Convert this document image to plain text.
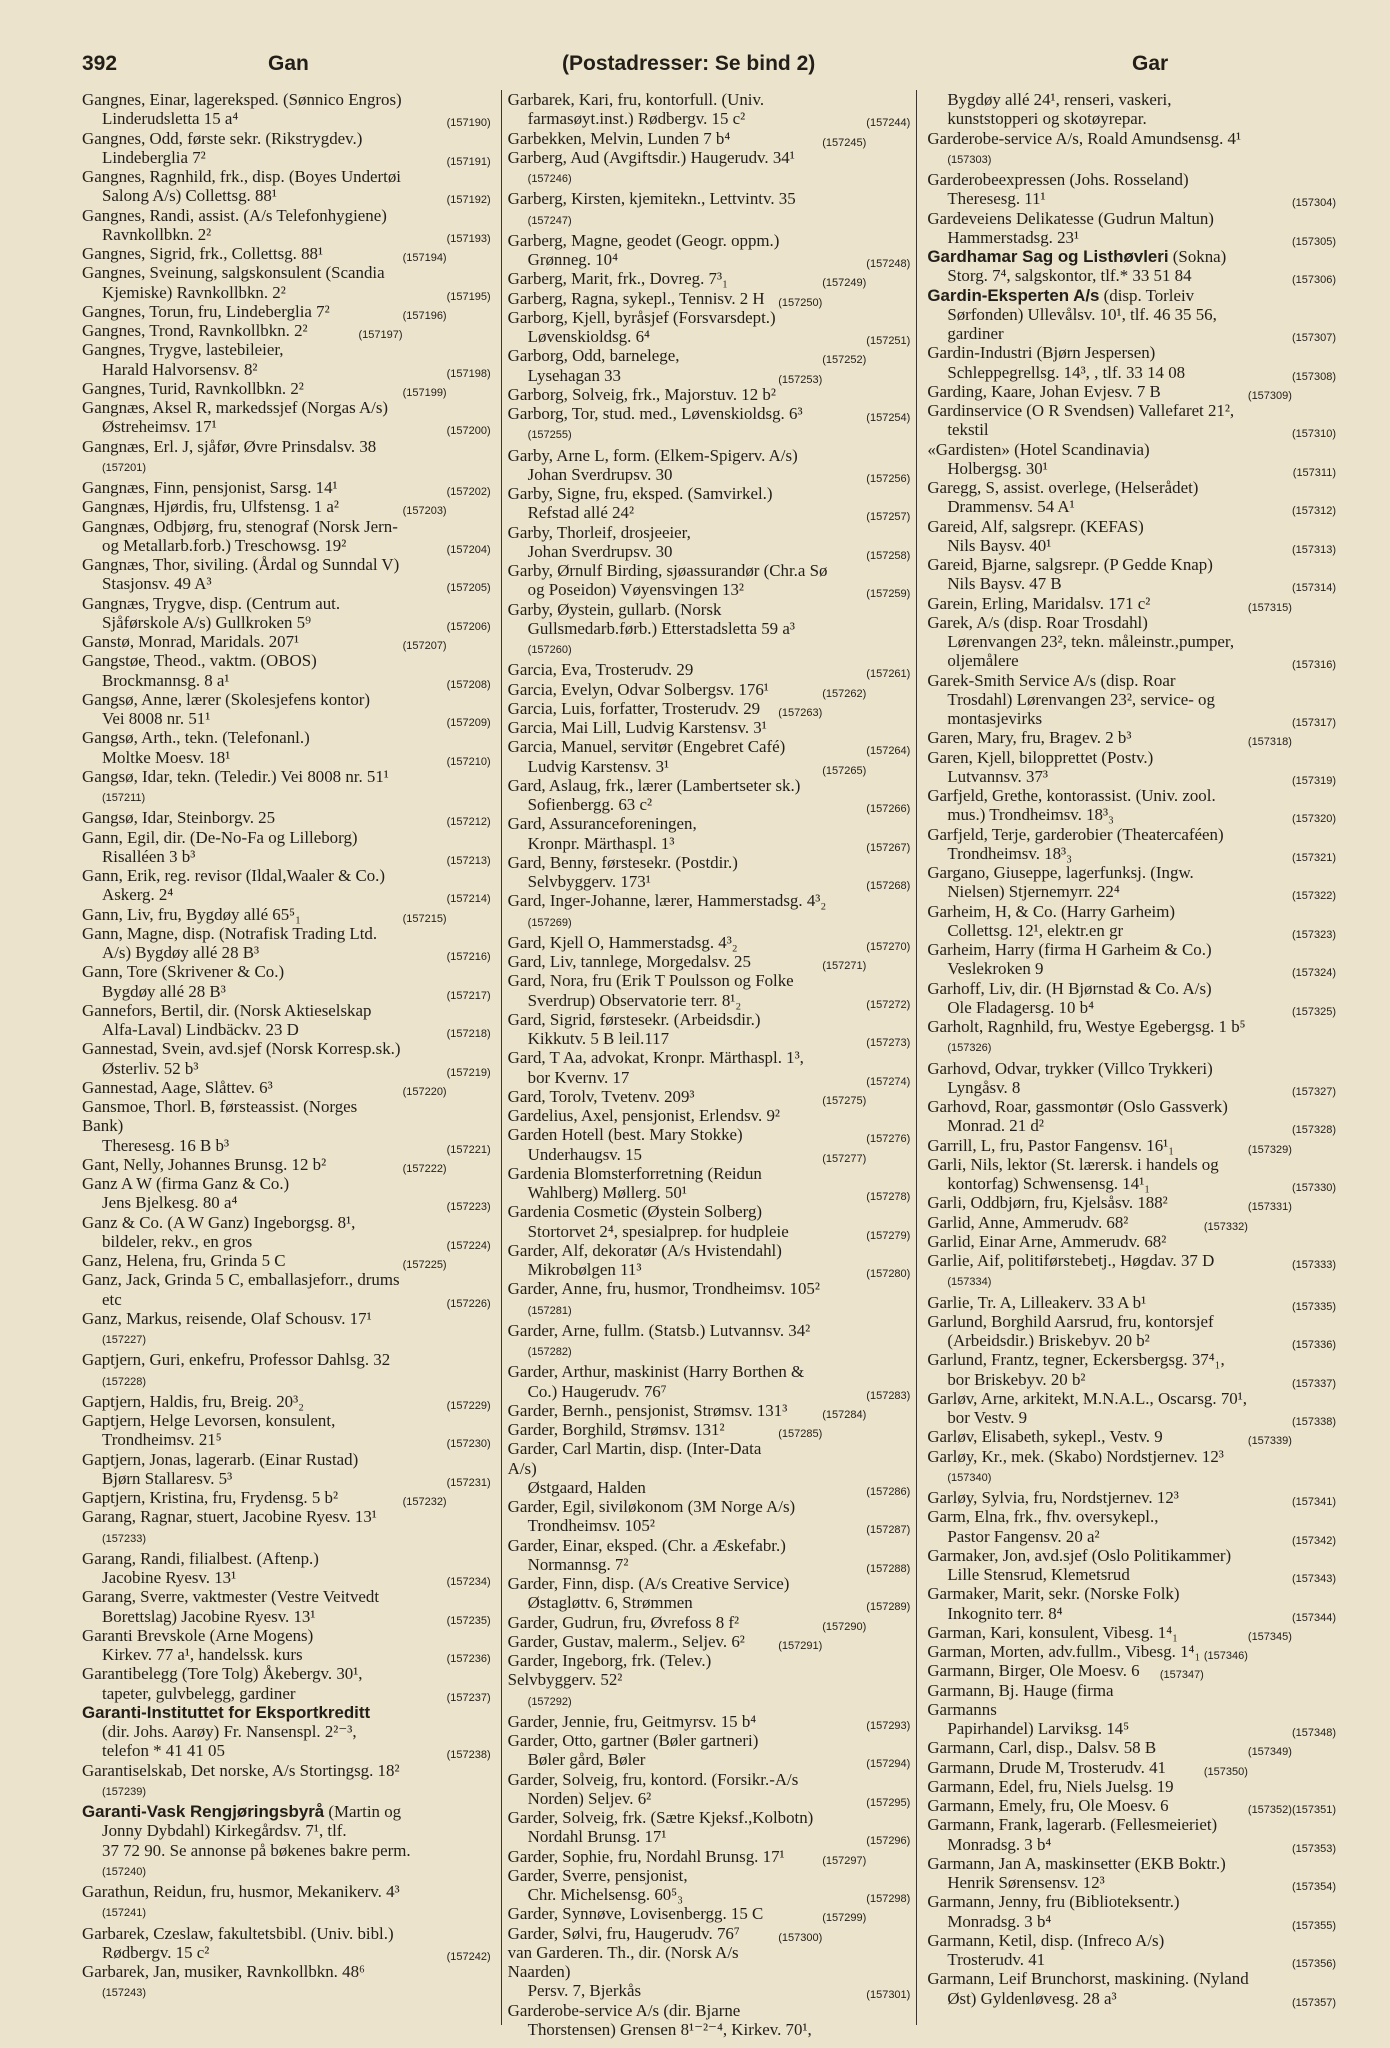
392	Gan	(Postadresser: Se bind 2)	Gar
Gangnes, Einar, lagereksped. (Sønnico Engros)
Linderudsletta 15 a⁴	(157190)
Gangnes, Odd, første sekr. (Rikstrygdev.)
Lindeberglia 7²	(157191)
Gangnes, Ragnhild, frk., disp. (Boyes Undertøi
Salong A/s) Collettsg. 88¹	(157192)
Gangnes, Randi, assist. (A/s Telefonhygiene)
Ravnkollbkn. 2²	(157193)
Gangnes, Sigrid, frk., Collettsg. 88¹	(157194)
Gangnes, Sveinung, salgskonsulent (Scandia
Kjemiske) Ravnkollbkn. 2²	(157195)
Gangnes, Torun, fru, Lindeberglia 7²	(157196)
Gangnes, Trond, Ravnkollbkn. 2²	(157197)
Gangnes, Trygve, lastebileier,
Harald Halvorsensv. 8²	(157198)
Gangnes, Turid, Ravnkollbkn. 2²	(157199)
Gangnæs, Aksel R, markedssjef (Norgas A/s)
Østreheimsv. 17¹	(157200)
Gangnæs, Erl. J, sjåfør, Øvre Prinsdalsv. 38
(157201)
Gangnæs, Finn, pensjonist, Sarsg. 14¹	(157202)
Gangnæs, Hjørdis, fru, Ulfstensg. 1 a²	(157203)
Gangnæs, Odbjørg, fru, stenograf (Norsk Jern-
og Metallarb.forb.) Treschowsg. 19²	(157204)
Gangnæs, Thor, siviling. (Årdal og Sunndal V)
Stasjonsv. 49 A³	(157205)
Gangnæs, Trygve, disp. (Centrum aut.
Sjåførskole A/s) Gullkroken 5⁹	(157206)
Ganstø, Monrad, Maridals. 207¹	(157207)
Gangstøe, Theod., vaktm. (OBOS)
Brockmannsg. 8 a¹	(157208)
Gangsø, Anne, lærer (Skolesjefens kontor)
Vei 8008 nr. 51¹	(157209)
Gangsø, Arth., tekn. (Telefonanl.)
Moltke Moesv. 18¹	(157210)
Gangsø, Idar, tekn. (Teledir.) Vei 8008 nr. 51¹
(157211)
Gangsø, Idar, Steinborgv. 25	(157212)
Gann, Egil, dir. (De-No-Fa og Lilleborg)
Risalléen 3 b³	(157213)
Gann, Erik, reg. revisor (Ildal,Waaler & Co.)
Askerg. 2⁴	(157214)
Gann, Liv, fru, Bygdøy allé 65⁵₁	(157215)
Gann, Magne, disp. (Notrafisk Trading Ltd.
A/s) Bygdøy allé 28 B³	(157216)
Gann, Tore (Skrivener & Co.)
Bygdøy allé 28 B³	(157217)
Gannefors, Bertil, dir. (Norsk Aktieselskap
Alfa-Laval) Lindbäckv. 23 D	(157218)
Gannestad, Svein, avd.sjef (Norsk Korresp.sk.)
Østerliv. 52 b³	(157219)
Gannestad, Aage, Slåttev. 6³	(157220)
Gansmoe, Thorl. B, førsteassist. (Norges Bank)
Theresesg. 16 B b³	(157221)
Gant, Nelly, Johannes Brunsg. 12 b²	(157222)
Ganz A W (firma Ganz & Co.)
Jens Bjelkesg. 80 a⁴	(157223)
Ganz & Co. (A W Ganz) Ingeborgsg. 8¹,
bildeler, rekv., en gros	(157224)
Ganz, Helena, fru, Grinda 5 C	(157225)
Ganz, Jack, Grinda 5 C, emballasjeforr., drums
etc	(157226)
Ganz, Markus, reisende, Olaf Schousv. 17¹
(157227)
Gaptjern, Guri, enkefru, Professor Dahlsg. 32
(157228)
Gaptjern, Haldis, fru, Breig. 20³₂	(157229)
Gaptjern, Helge Levorsen, konsulent,
Trondheimsv. 21⁵	(157230)
Gaptjern, Jonas, lagerarb. (Einar Rustad)
Bjørn Stallaresv. 5³	(157231)
Gaptjern, Kristina, fru, Frydensg. 5 b²	(157232)
Garang, Ragnar, stuert, Jacobine Ryesv. 13¹
(157233)
Garang, Randi, filialbest. (Aftenp.)
Jacobine Ryesv. 13¹	(157234)
Garang, Sverre, vaktmester (Vestre Veitvedt
Borettslag) Jacobine Ryesv. 13¹	(157235)
Garanti Brevskole (Arne Mogens)
Kirkev. 77 a¹, handelssk. kurs	(157236)
Garantibelegg (Tore Tolg) Åkebergv. 30¹,
tapeter, gulvbelegg, gardiner	(157237)
Garanti-Instituttet for Eksportkreditt
(dir. Johs. Aarøy) Fr. Nansenspl. 2²⁻³,
telefon * 41 41 05	(157238)
Garantiselskab, Det norske, A/s Stortingsg. 18²
(157239)
Garanti-Vask Rengjøringsbyrå (Martin og
Jonny Dybdahl) Kirkegårdsv. 7¹, tlf.
37 72 90. Se annonse på bøkenes bakre perm.
(157240)
Garathun, Reidun, fru, husmor, Mekanikerv. 4³
(157241)
Garbarek, Czeslaw, fakultetsbibl. (Univ. bibl.)
Rødbergv. 15 c²	(157242)
Garbarek, Jan, musiker, Ravnkollbkn. 48⁶
(157243)
Garbarek, Kari, fru, kontorfull. (Univ.
farmasøyt.inst.) Rødbergv. 15 c²	(157244)
Garbekken, Melvin, Lunden 7 b⁴	(157245)
Garberg, Aud (Avgiftsdir.) Haugerudv. 34¹
(157246)
Garberg, Kirsten, kjemitekn., Lettvintv. 35
(157247)
Garberg, Magne, geodet (Geogr. oppm.)
Grønneg. 10⁴	(157248)
Garberg, Marit, frk., Dovreg. 7³₁	(157249)
Garberg, Ragna, sykepl., Tennisv. 2 H (157250)
Garborg, Kjell, byråsjef (Forsvarsdept.)
Løvenskioldsg. 6⁴	(157251)
Garborg, Odd, barnelege,	(157252)
Lysehagan 33	(157253)
Garborg, Solveig, frk., Majorstuv. 12 b²
(157254)
Garborg, Tor, stud. med., Løvenskioldsg. 6³
(157255)
Garby, Arne L, form. (Elkem-Spigerv. A/s)
Johan Sverdrupsv. 30	(157256)
Garby, Signe, fru, eksped. (Samvirkel.)
Refstad allé 24²	(157257)
Garby, Thorleif, drosjeeier,
Johan Sverdrupsv. 30	(157258)
Garby, Ørnulf Birding, sjøassurandør (Chr.a Sø
og Poseidon) Vøyensvingen 13²	(157259)
Garby, Øystein, gullarb. (Norsk
Gullsmedarb.førb.) Etterstadsletta 59 a³
(157260)
Garcia, Eva, Trosterudv. 29	(157261)
Garcia, Evelyn, Odvar Solbergsv. 176¹	(157262)
Garcia, Luis, forfatter, Trosterudv. 29 (157263)
Garcia, Mai Lill, Ludvig Karstensv. 3¹
(157264)
Garcia, Manuel, servitør (Engebret Café)
Ludvig Karstensv. 3¹	(157265)
Gard, Aslaug, frk., lærer (Lambertseter sk.)
Sofienbergg. 63 c²	(157266)
Gard, Assuranceforeningen,
Kronpr. Märthaspl. 1³	(157267)
Gard, Benny, førstesekr. (Postdir.)
Selvbyggerv. 173¹	(157268)
Gard, Inger-Johanne, lærer, Hammerstadsg. 4³₂
(157269)
Gard, Kjell O, Hammerstadsg. 4³₂	(157270)
Gard, Liv, tannlege, Morgedalsv. 25	(157271)
Gard, Nora, fru (Erik T Poulsson og Folke
Sverdrup) Observatorie terr. 8¹₂	(157272)
Gard, Sigrid, førstesekr. (Arbeidsdir.)
Kikkutv. 5 B leil.117	(157273)
Gard, T Aa, advokat, Kronpr. Märthaspl. 1³,
bor Kvernv. 17	(157274)
Gard, Torolv, Tvetenv. 209³	(157275)
Gardelius, Axel, pensjonist, Erlendsv. 9²
(157276)
Garden Hotell (best. Mary Stokke)
Underhaugsv. 15	(157277)
Gardenia Blomsterforretning (Reidun
Wahlberg) Møllerg. 50¹	(157278)
Gardenia Cosmetic (Øystein Solberg)
Stortorvet 2⁴, spesialprep. for hudpleie	(157279)
Garder, Alf, dekoratør (A/s Hvistendahl)
Mikrobølgen 11³	(157280)
Garder, Anne, fru, husmor, Trondheimsv. 105²
(157281)
Garder, Arne, fullm. (Statsb.) Lutvannsv. 34²
(157282)
Garder, Arthur, maskinist (Harry Borthen &
Co.) Haugerudv. 76⁷	(157283)
Garder, Bernh., pensjonist, Strømsv. 131³	(157284)
Garder, Borghild, Strømsv. 131²	(157285)
Garder, Carl Martin, disp. (Inter-Data A/s)
Østgaard, Halden	(157286)
Garder, Egil, siviløkonom (3M Norge A/s)
Trondheimsv. 105²	(157287)
Garder, Einar, eksped. (Chr. a Æskefabr.)
Normannsg. 7²	(157288)
Garder, Finn, disp. (A/s Creative Service)
Østagløttv. 6, Strømmen	(157289)
Garder, Gudrun, fru, Øvrefoss 8 f²	(157290)
Garder, Gustav, malerm., Seljev. 6²	(157291)
Garder, Ingeborg, frk. (Telev.) Selvbyggerv. 52²
(157292)
Garder, Jennie, fru, Geitmyrsv. 15 b⁴	(157293)
Garder, Otto, gartner (Bøler gartneri)
Bøler gård, Bøler	(157294)
Garder, Solveig, fru, kontord. (Forsikr.-A/s
Norden) Seljev. 6²	(157295)
Garder, Solveig, frk. (Sætre Kjeksf.,Kolbotn)
Nordahl Brunsg. 17¹	(157296)
Garder, Sophie, fru, Nordahl Brunsg. 17¹	(157297)
Garder, Sverre, pensjonist,
Chr. Michelsensg. 60⁵₃	(157298)
Garder, Synnøve, Lovisenbergg. 15 C	(157299)
Garder, Sølvi, fru, Haugerudv. 76⁷	(157300)
van Garderen. Th., dir. (Norsk A/s Naarden)
Persv. 7, Bjerkås	(157301)
Garderobe-service A/s (dir. Bjarne
Thorstensen) Grensen 8¹⁻²⁻⁴, Kirkev. 70¹,
Bygdøy allé 24¹, renseri, vaskeri,
kunststopperi og skotøyrepar.
Garderobe-service A/s, Roald Amundsensg. 4¹
(157303)
Garderobeexpressen (Johs. Rosseland)
Theresesg. 11¹	(157304)
Gardeveiens Delikatesse (Gudrun Maltun)
Hammerstadsg. 23¹	(157305)
Gardhamar Sag og Listhøvleri (Sokna)
Storg. 7⁴, salgskontor, tlf.* 33 51 84	(157306)
Gardin-Eksperten A/s (disp. Torleiv
Sørfonden) Ullevålsv. 10¹, tlf. 46 35 56,
gardiner	(157307)
Gardin-Industri (Bjørn Jespersen)
Schleppegrellsg. 14³, , tlf. 33 14 08	(157308)
Garding, Kaare, Johan Evjesv. 7 B	(157309)
Gardinservice (O R Svendsen) Vallefaret 21²,
tekstil	(157310)
«Gardisten» (Hotel Scandinavia)
Holbergsg. 30¹	(157311)
Garegg, S, assist. overlege, (Helserådet)
Drammensv. 54 A¹	(157312)
Gareid, Alf, salgsrepr. (KEFAS)
Nils Baysv. 40¹	(157313)
Gareid, Bjarne, salgsrepr. (P Gedde Knap)
Nils Baysv. 47 B	(157314)
Garein, Erling, Maridalsv. 171 c²	(157315)
Garek, A/s (disp. Roar Trosdahl)
Lørenvangen 23², tekn. måleinstr.,pumper,
oljemålere	(157316)
Garek-Smith Service A/s (disp. Roar
Trosdahl) Lørenvangen 23², service- og
montasjevirks	(157317)
Garen, Mary, fru, Bragev. 2 b³	(157318)
Garen, Kjell, bilopprettet (Postv.)
Lutvannsv. 37³	(157319)
Garfjeld, Grethe, kontorassist. (Univ. zool.
mus.) Trondheimsv. 18³₃	(157320)
Garfjeld, Terje, garderobier (Theatercaféen)
Trondheimsv. 18³₃	(157321)
Gargano, Giuseppe, lagerfunksj. (Ingw.
Nielsen) Stjernemyrr. 22⁴	(157322)
Garheim, H, & Co. (Harry Garheim)
Collettsg. 12¹, elektr.en gr	(157323)
Garheim, Harry (firma H Garheim & Co.)
Veslekroken 9	(157324)
Garhoff, Liv, dir. (H Bjørnstad & Co. A/s)
Ole Fladagersg. 10 b⁴	(157325)
Garholt, Ragnhild, fru, Westye Egebergsg. 1 b⁵
(157326)
Garhovd, Odvar, trykker (Villco Trykkeri)
Lyngåsv. 8	(157327)
Garhovd, Roar, gassmontør (Oslo Gassverk)
Monrad. 21 d²	(157328)
Garrill, L, fru, Pastor Fangensv. 16¹₁	(157329)
Garli, Nils, lektor (St. lærersk. i handels og
kontorfag) Schwensensg. 14¹₁	(157330)
Garli, Oddbjørn, fru, Kjelsåsv. 188²	(157331)
Garlid, Anne, Ammerudv. 68²	(157332)
Garlid, Einar Arne, Ammerudv. 68²
(157333)
Garlie, Aif, politiførstebetj., Høgdav. 37 D
(157334)
Garlie, Tr. A, Lilleakerv. 33 A b¹	(157335)
Garlund, Borghild Aarsrud, fru, kontorsjef
(Arbeidsdir.) Briskebyv. 20 b²	(157336)
Garlund, Frantz, tegner, Eckersbergsg. 37⁴₁,
bor Briskebyv. 20 b²	(157337)
Garløv, Arne, arkitekt, M.N.A.L., Oscarsg. 70¹,
bor Vestv. 9	(157338)
Garløv, Elisabeth, sykepl., Vestv. 9	(157339)
Garløy, Kr., mek. (Skabo) Nordstjernev. 12³
(157340)
Garløy, Sylvia, fru, Nordstjernev. 12³	(157341)
Garm, Elna, frk., fhv. oversykepl.,
Pastor Fangensv. 20 a²	(157342)
Garmaker, Jon, avd.sjef (Oslo Politikammer)
Lille Stensrud, Klemetsrud	(157343)
Garmaker, Marit, sekr. (Norske Folk)
Inkognito terr. 8⁴	(157344)
Garman, Kari, konsulent, Vibesg. 1⁴₁	(157345)
Garman, Morten, adv.fullm., Vibesg. 1⁴₁ (157346)
Garmann, Birger, Ole Moesv. 6 (157347)
Garmann, Bj. Hauge (firma Garmanns
Papirhandel) Larviksg. 14⁵	(157348)
Garmann, Carl, disp., Dalsv. 58 B	(157349)
Garmann, Drude M, Trosterudv. 41	(157350)
Garmann, Edel, fru, Niels Juelsg. 19
(157351)
Garmann, Emely, fru, Ole Moesv. 6	(157352)
Garmann, Frank, lagerarb. (Fellesmeieriet)
Monradsg. 3 b⁴	(157353)
Garmann, Jan A, maskinsetter (EKB Boktr.)
Henrik Sørensensv. 12³	(157354)
Garmann, Jenny, fru (Biblioteksentr.)
Monradsg. 3 b⁴	(157355)
Garmann, Ketil, disp. (Infreco A/s)
Trosterudv. 41	(157356)
Garmann, Leif Brunchorst, maskining. (Nyland
Øst) Gyldenløvesg. 28 a³	(157357)
